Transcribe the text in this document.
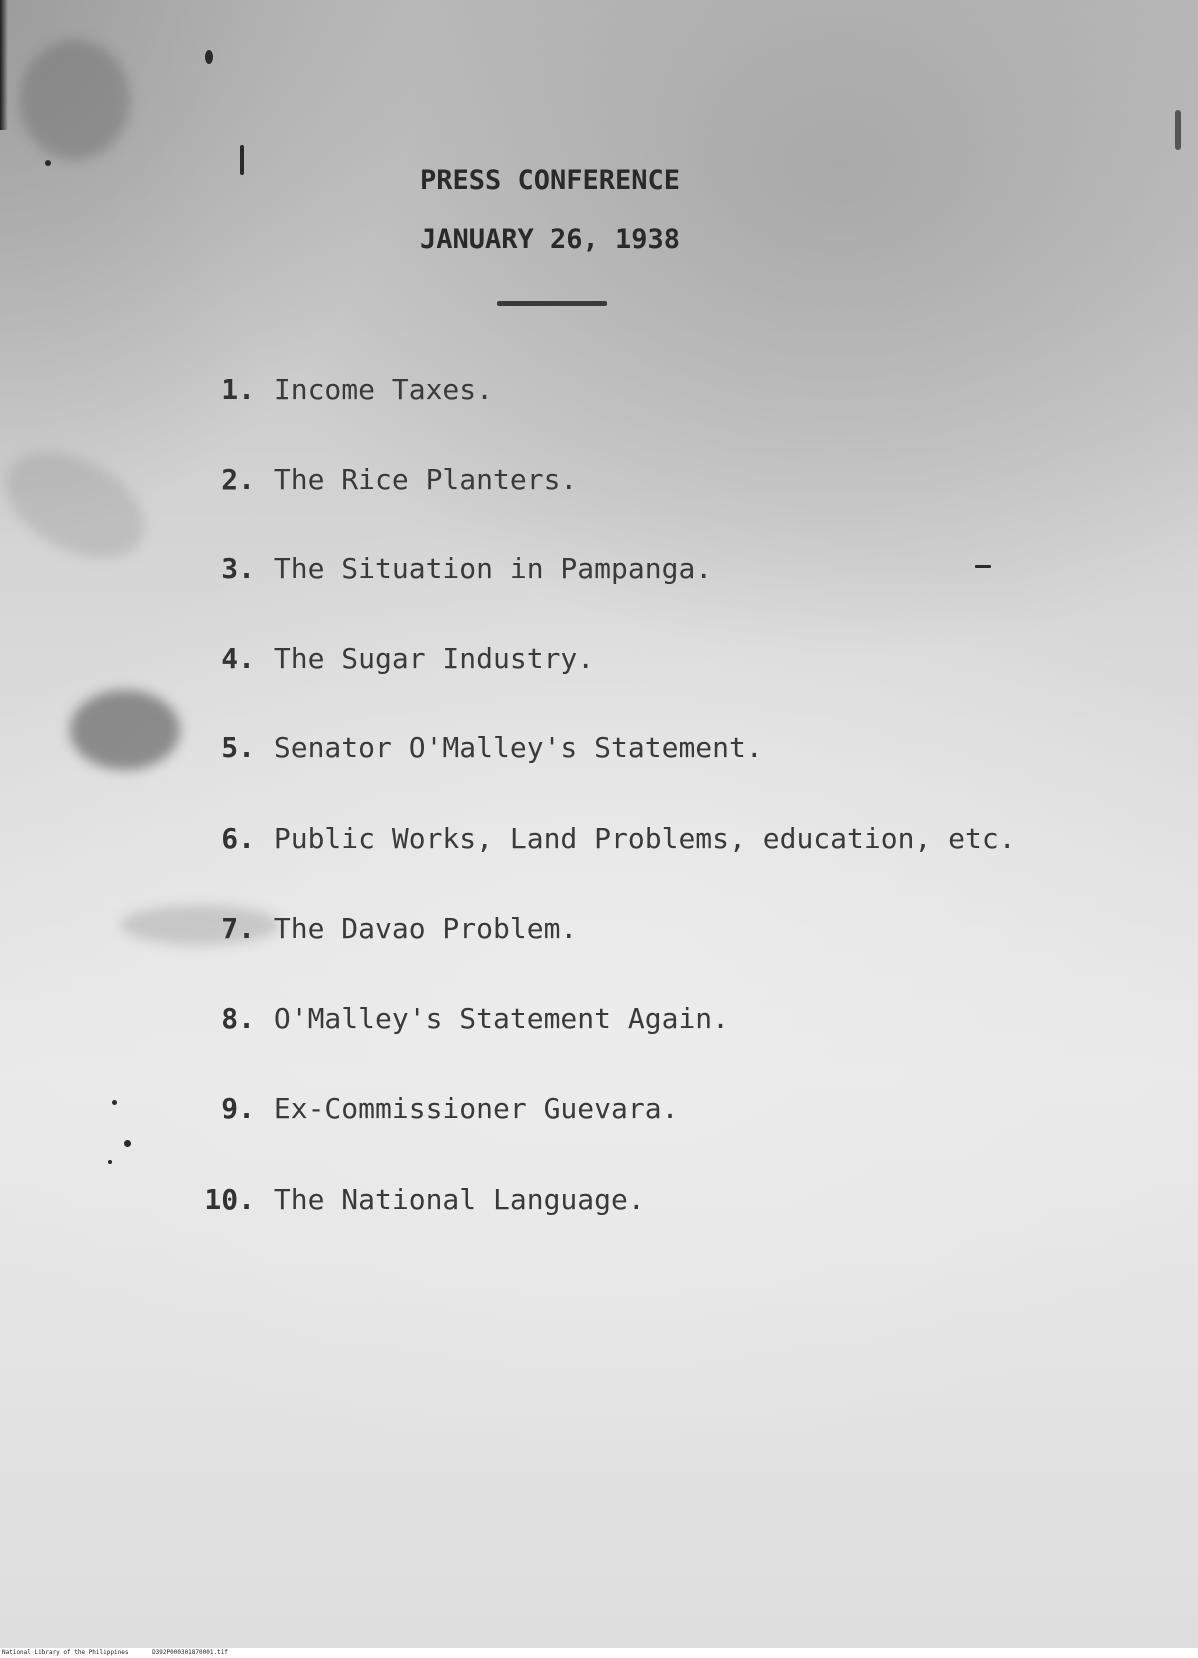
PRESS CONFERENCE
JANUARY 26, 1938
1. Income Taxes.
2. The Rice Planters.
3. The Situation in Pampanga.
4. The Sugar Industry.
5. Senator O'Malley's Statement.
6. Public Works, Land Problems, education, etc.
7. The Davao Problem.
8. O'Malley's Statement Again.
9. Ex-Commissioner Guevara.
10. The National Language.
National Library of the Philippines	D392P000301870001.tif
